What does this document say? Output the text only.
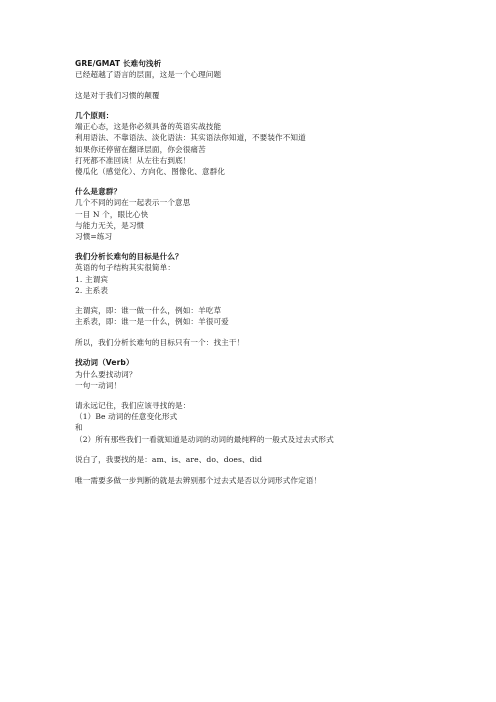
GRE/GMAT 长难句浅析
已经超越了语言的层面，这是一个心理问题
这是对于我们习惯的颠覆
几个原则：
端正心态，这是你必须具备的英语实战技能
利用语法、不靠语法、淡化语法：其实语法你知道，不要装作不知道
如果你还停留在翻译层面，你会很痛苦
打死都不准回读！从左往右到底！
傻瓜化（感觉化）、方向化、图像化、意群化
什么是意群？
几个不同的词在一起表示一个意思
一目 N 个，眼比心快
与能力无关，是习惯
习惯=练习
我们分析长难句的目标是什么？
英语的句子结构其实很简单：
1. 主谓宾
2. 主系表
主谓宾，即：谁一做一什么，例如：羊吃草
主系表，即：谁一是一什么，例如：羊很可爱
所以，我们分析长难句的目标只有一个：找主干！
找动词（Verb）
为什么要找动词？
一句一动词！
请永远记住，我们应该寻找的是：
（1）Be 动词的任意变化形式
和
（2）所有那些我们一看就知道是动词的动词的最纯粹的一般式及过去式形式
说白了，我要找的是：am、is、are、do、does、did
唯一需要多做一步判断的就是去辨别那个过去式是否以分词形式作定语！
